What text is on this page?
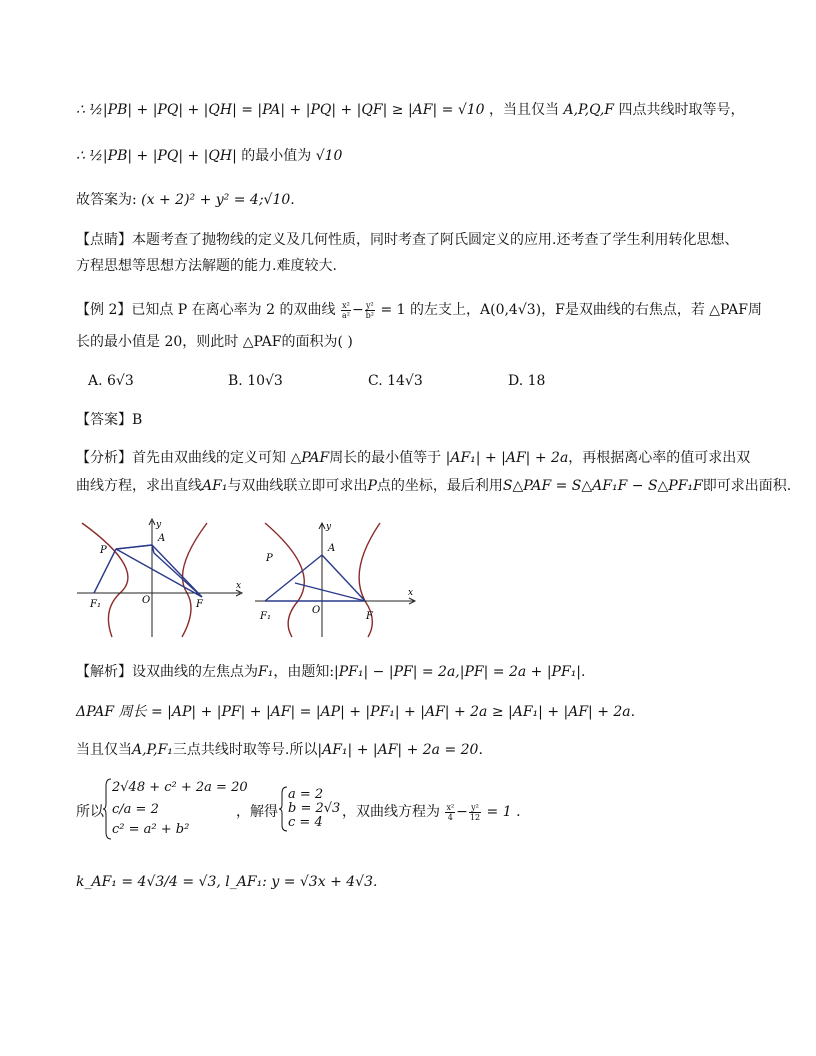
∴ ½|PB| + |PQ| + |QH| = |PA| + |PQ| + |QF| ≥ |AF| = √10 ，当且仅当 A,P,Q,F 四点共线时取等号，
∴ ½|PB| + |PQ| + |QH| 的最小值为 √10
故答案为: (x + 2)² + y² = 4;√10.
【点睛】本题考查了抛物线的定义及几何性质，同时考查了阿氏圆定义的应用.还考查了学生利用转化思想、
方程思想等思想方法解题的能力.难度较大.
【例 2】已知点 P 在离心率为 2 的双曲线 $\frac{\text{x²}}{\text{a²}} - \frac{\text{y²}}{\text{b²}} = 1$ 的左支上，A(0,4√3)，F是双曲线的右焦点，若 △PAF周
长的最小值是 20，则此时 △PAF的面积为( )
A. 6√3	B. 10√3	C. 14√3	D. 18
【答案】B
【分析】首先由双曲线的定义可知 △PAF周长的最小值等于 |AF₁| + |AF| + 2a，再根据离心率的值可求出双
曲线方程，求出直线AF₁与双曲线联立即可求出P点的坐标，最后利用S△PAF = S△AF₁F − S△PF₁F即可求出面积.
y
x
P
A
O
F₁	F
y
x
P
A
O
F₁	F
【解析】设双曲线的左焦点为F₁，由题知:|PF₁| − |PF| = 2a,|PF| = 2a + |PF₁|.
ΔPAF 周长 = |AP| + |PF| + |AF| = |AP| + |PF₁| + |AF| + 2a ≥ |AF₁| + |AF| + 2a.
当且仅当A,P,F₁三点共线时取等号.所以|AF₁| + |AF| + 2a = 20.
所以
2√48 + c² + 2a = 20
c/a = 2
c² = a² + b²
，解得
a = 2
b = 2√3
c = 4
，双曲线方程为 $\frac{\text{x²}}{4} - \frac{\text{y²}}{12} = 1$ .
k_AF₁ = 4√3/4 = √3, l_AF₁: y = √3x + 4√3.
